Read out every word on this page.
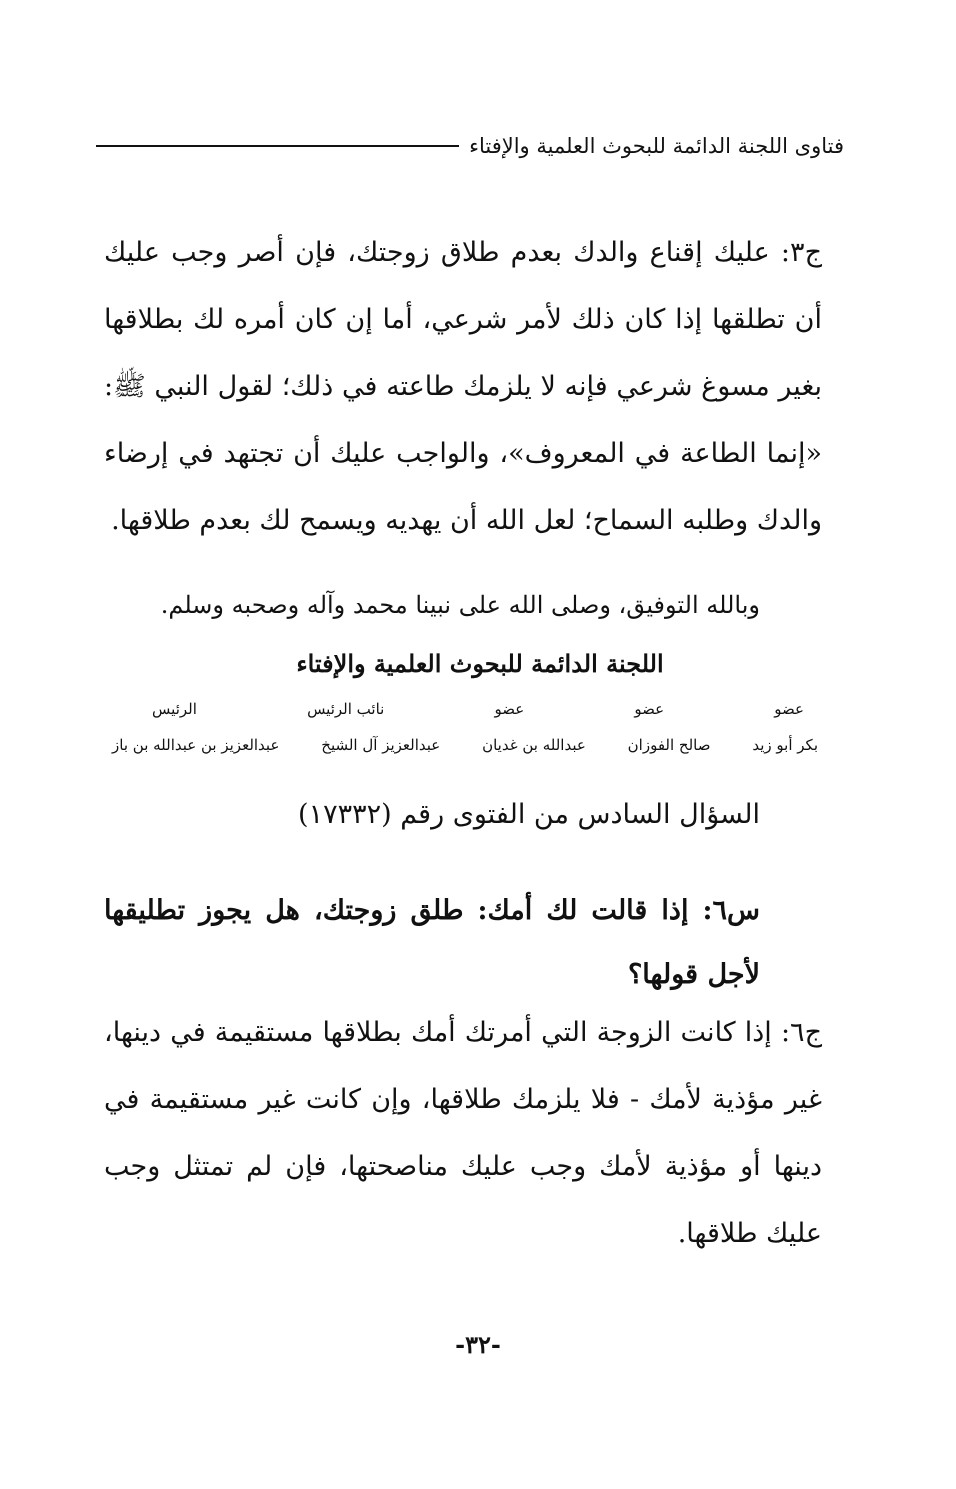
فتاوى اللجنة الدائمة للبحوث العلمية والإفتاء

ج٣: عليك إقناع والدك بعدم طلاق زوجتك، فإن أصر وجب عليك أن تطلقها إذا كان ذلك لأمر شرعي، أما إن كان أمره لك بطلاقها بغير مسوغ شرعي فإنه لا يلزمك طاعته في ذلك؛ لقول النبي ﷺ: «إنما الطاعة في المعروف»، والواجب عليك أن تجتهد في إرضاء والدك وطلبه السماح؛ لعل الله أن يهديه ويسمح لك بعدم طلاقها.

وبالله التوفيق، وصلى الله على نبينا محمد وآله وصحبه وسلم.
اللجنة الدائمة للبحوث العلمية والإفتاء
عضو
عضو
عضو
نائب الرئيس
الرئيس
بكر أبو زيد
صالح الفوزان
عبدالله بن غديان
عبدالعزيز آل الشيخ
عبدالعزيز بن عبدالله بن باز
السؤال السادس من الفتوى رقم (١٧٣٣٢)

س٦: إذا قالت لك أمك: طلق زوجتك، هل يجوز تطليقها لأجل قولها؟

ج٦: إذا كانت الزوجة التي أمرتك أمك بطلاقها مستقيمة في دينها، غير مؤذية لأمك - فلا يلزمك طلاقها، وإن كانت غير مستقيمة في دينها أو مؤذية لأمك وجب عليك مناصحتها، فإن لم تمتثل وجب عليك طلاقها.

-٣٢-
